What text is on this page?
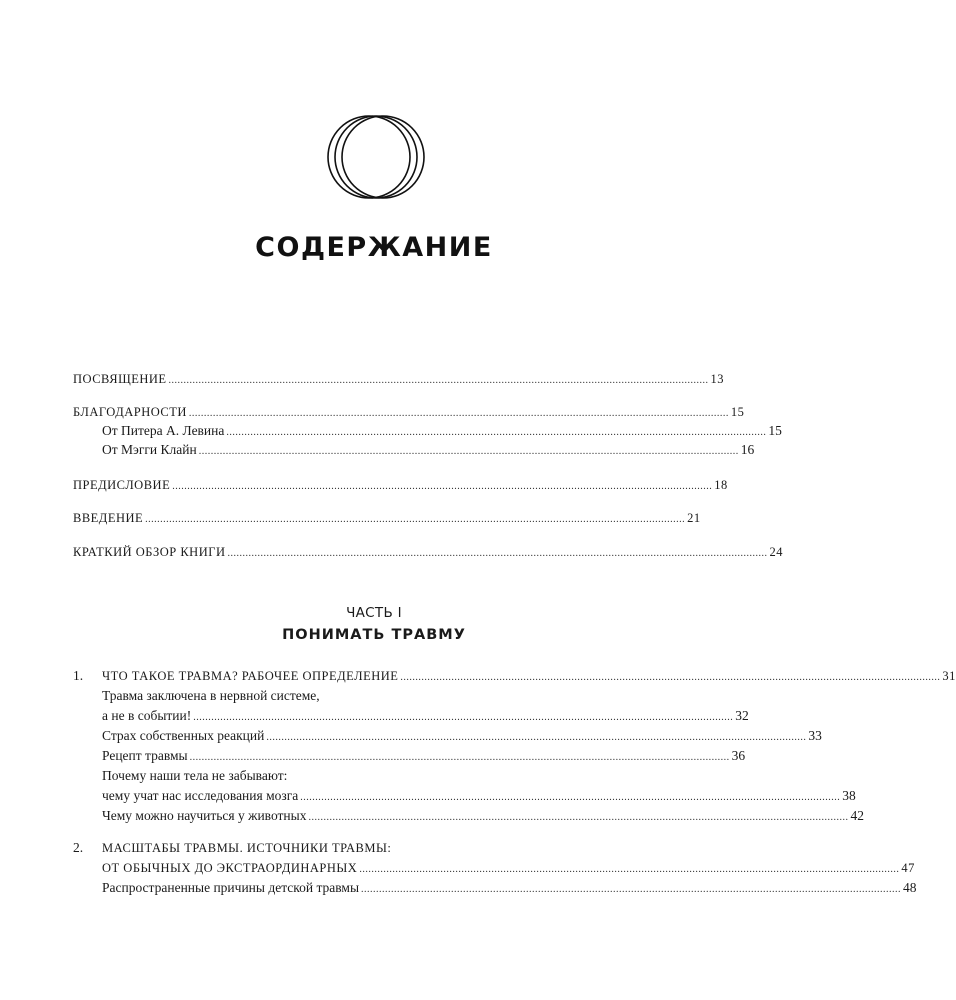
СОДЕРЖАНИЕ
ПОСВЯЩЕНИЕ .................................................................................................................................................................................... 13
БЛАГОДАРНОСТИ .................................................................................................................................................................................... 15
От Питера А. Левина .................................................................................................................................................................................... 15
От Мэгги Клайн .................................................................................................................................................................................... 16
ПРЕДИСЛОВИЕ .................................................................................................................................................................................... 18
ВВЕДЕНИЕ .................................................................................................................................................................................... 21
КРАТКИЙ ОБЗОР КНИГИ .................................................................................................................................................................................... 24
ЧАСТЬ I
ПОНИМАТЬ ТРАВМУ
1. ЧТО ТАКОЕ ТРАВМА? РАБОЧЕЕ ОПРЕДЕЛЕНИЕ .................................................................................................................................................................................... 31
Травма заключена в нервной системе,
а не в событии! .................................................................................................................................................................................... 32
Страх собственных реакций .................................................................................................................................................................................... 33
Рецепт травмы .................................................................................................................................................................................... 36
Почему наши тела не забывают:
чему учат нас исследования мозга .................................................................................................................................................................................... 38
Чему можно научиться у животных .................................................................................................................................................................................... 42
2. МАСШТАБЫ ТРАВМЫ. ИСТОЧНИКИ ТРАВМЫ:
ОТ ОБЫЧНЫХ ДО ЭКСТРАОРДИНАРНЫХ .................................................................................................................................................................................... 47
Распространенные причины детской травмы .................................................................................................................................................................................... 48
